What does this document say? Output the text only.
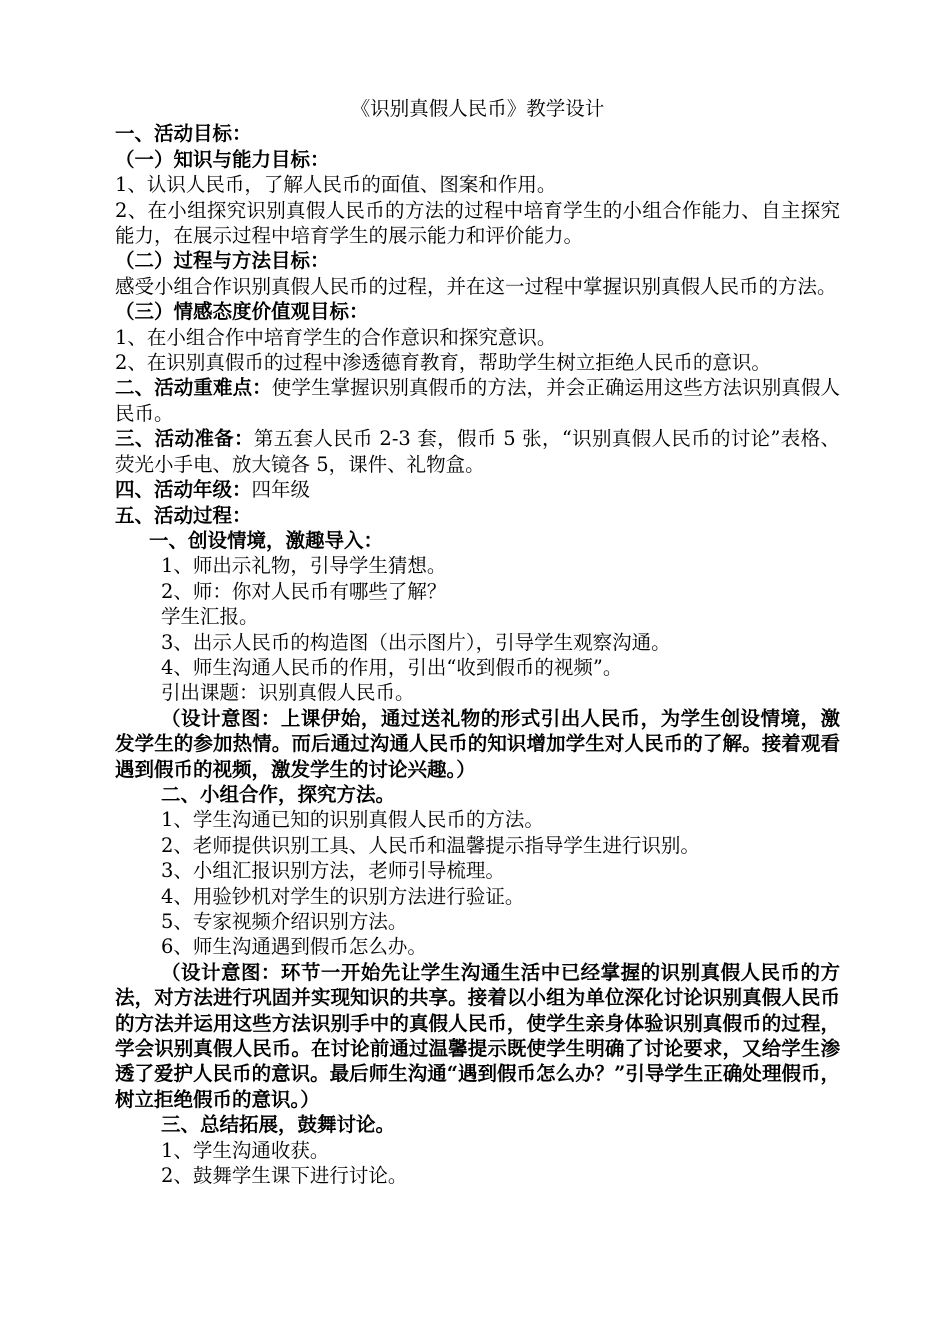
《识别真假人民币》教学设计

一、活动目标：

（一）知识与能力目标：

1、认识人民币，了解人民币的面值、图案和作用。

2、在小组探究识别真假人民币的方法的过程中培育学生的小组合作能力、自主探究能力，在展示过程中培育学生的展示能力和评价能力。

（二）过程与方法目标：

感受小组合作识别真假人民币的过程，并在这一过程中掌握识别真假人民币的方法。

（三）情感态度价值观目标：

1、在小组合作中培育学生的合作意识和探究意识。

2、在识别真假币的过程中渗透德育教育，帮助学生树立拒绝人民币的意识。

二、活动重难点：使学生掌握识别真假币的方法，并会正确运用这些方法识别真假人民币。

三、活动准备：第五套人民币 2-3 套，假币 5 张，“识别真假人民币的讨论”表格、荧光小手电、放大镜各 5，课件、礼物盒。

四、活动年级：四年级

五、活动过程：

一、创设情境，激趣导入：

1、师出示礼物，引导学生猜想。

2、师：你对人民币有哪些了解？

学生汇报。

3、出示人民币的构造图（出示图片），引导学生观察沟通。

4、师生沟通人民币的作用，引出“收到假币的视频”。

引出课题：识别真假人民币。

（设计意图：上课伊始，通过送礼物的形式引出人民币，为学生创设情境，激发学生的参加热情。而后通过沟通人民币的知识增加学生对人民币的了解。接着观看遇到假币的视频，激发学生的讨论兴趣。）

二、小组合作，探究方法。

1、学生沟通已知的识别真假人民币的方法。

2、老师提供识别工具、人民币和温馨提示指导学生进行识别。

3、小组汇报识别方法，老师引导梳理。

4、用验钞机对学生的识别方法进行验证。

5、专家视频介绍识别方法。

6、师生沟通遇到假币怎么办。

（设计意图：环节一开始先让学生沟通生活中已经掌握的识别真假人民币的方法，对方法进行巩固并实现知识的共享。接着以小组为单位深化讨论识别真假人民币的方法并运用这些方法识别手中的真假人民币，使学生亲身体验识别真假币的过程，学会识别真假人民币。在讨论前通过温馨提示既使学生明确了讨论要求，又给学生渗透了爱护人民币的意识。最后师生沟通“遇到假币怎么办？”引导学生正确处理假币，树立拒绝假币的意识。）

三、总结拓展，鼓舞讨论。

1、学生沟通收获。

2、鼓舞学生课下进行讨论。
